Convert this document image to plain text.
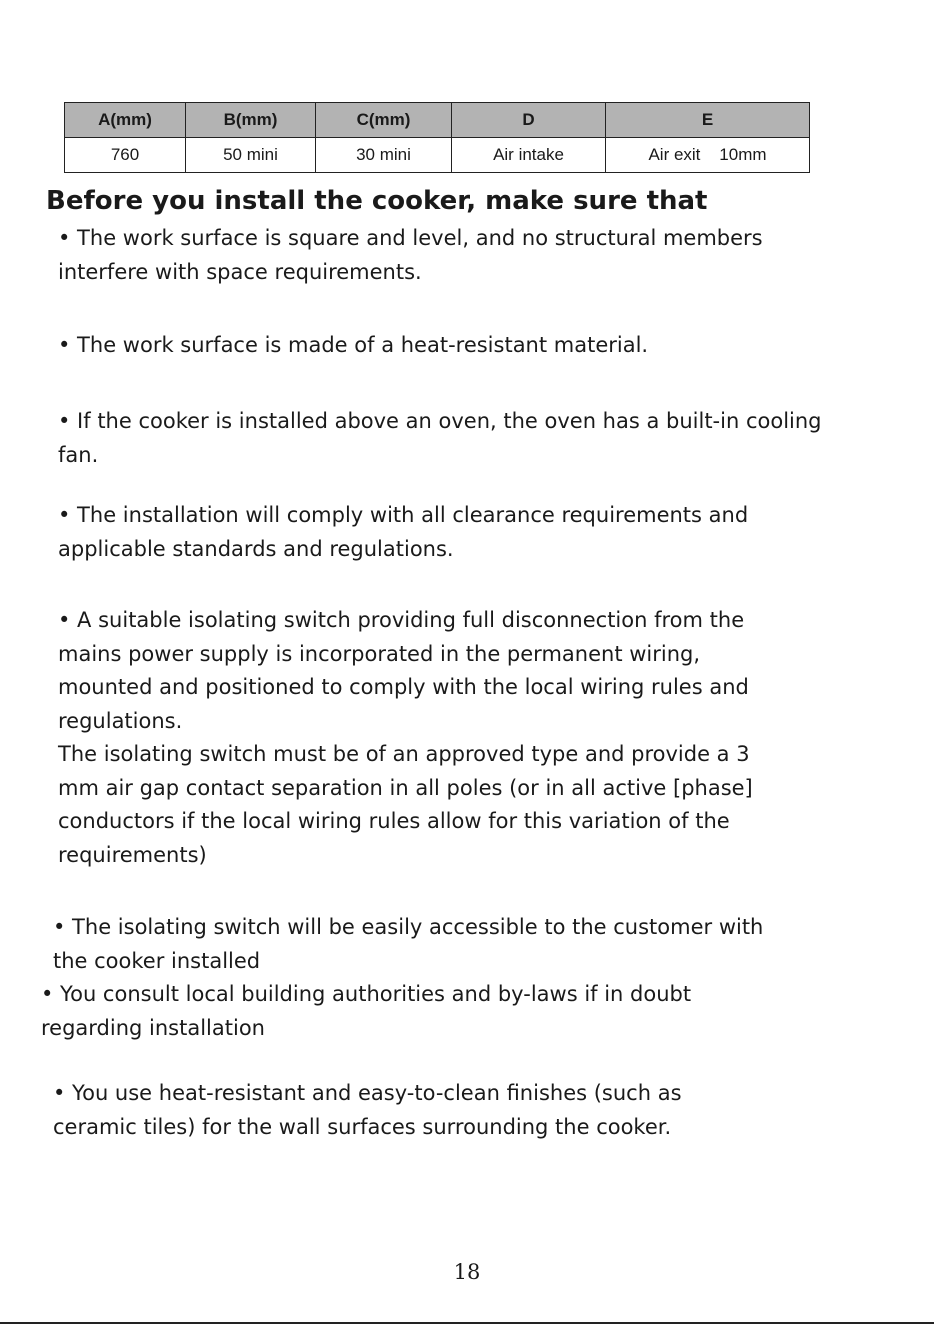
A(mm)	B(mm)	C(mm)	D	E
760	50 mini	30 mini	Air intake	Air exit    10mm
Before you install the cooker, make sure that

• The work surface is square and level, and no structural members
interfere with space requirements.

• The work surface is made of a heat-resistant material.

• If the cooker is installed above an oven, the oven has a built-in cooling
fan.

• The installation will comply with all clearance requirements and
applicable standards and regulations.

• A suitable isolating switch providing full disconnection from the
mains power supply is incorporated in the permanent wiring,
mounted and positioned to comply with the local wiring rules and
regulations.
The isolating switch must be of an approved type and provide a 3
mm air gap contact separation in all poles (or in all active [phase]
conductors if the local wiring rules allow for this variation of the
requirements)

• The isolating switch will be easily accessible to the customer with
the cooker installed

• You consult local building authorities and by-laws if in doubt
regarding installation

• You use heat-resistant and easy-to-clean finishes (such as
ceramic tiles) for the wall surfaces surrounding the cooker.

18
